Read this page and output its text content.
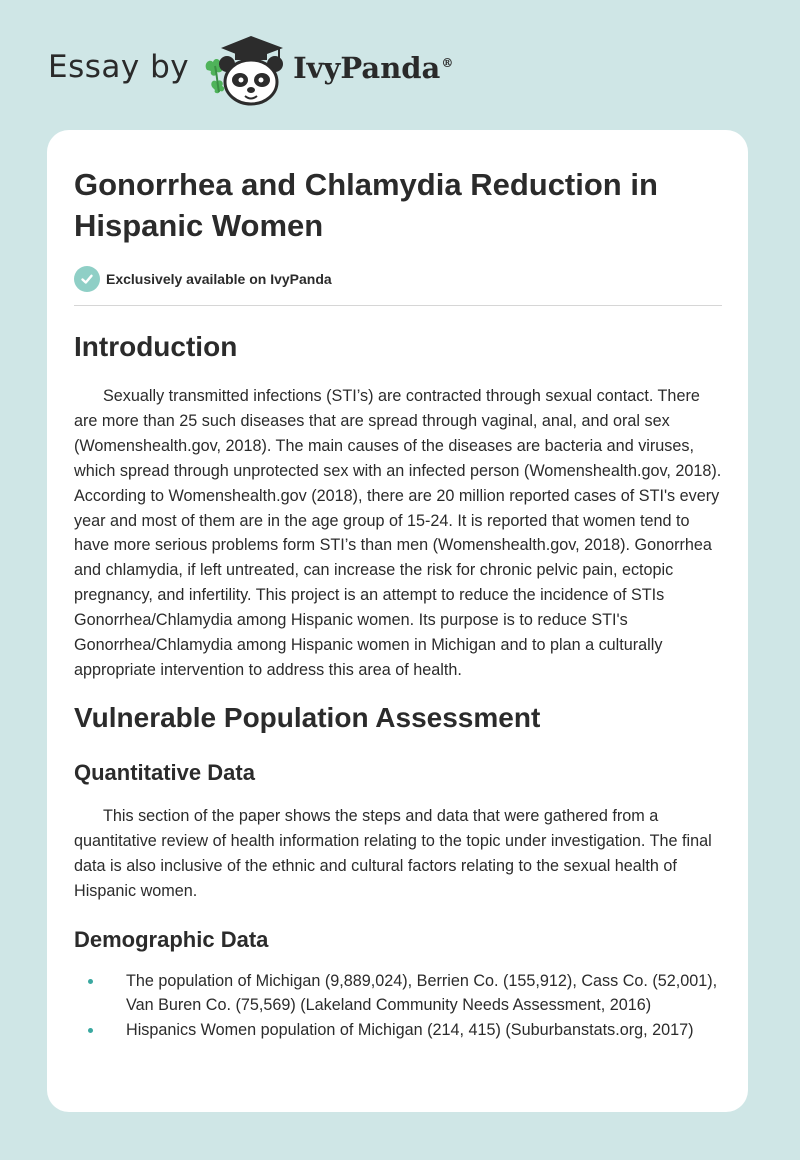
Essay by	IvyPanda®
Gonorrhea and Chlamydia Reduction in Hispanic Women
Exclusively available on IvyPanda
Introduction

Sexually transmitted infections (STI’s) are contracted through sexual contact. There are more than 25 such diseases that are spread through vaginal, anal, and oral sex (Womenshealth.gov, 2018). The main causes of the diseases are bacteria and viruses, which spread through unprotected sex with an infected person (Womenshealth.gov, 2018). According to Womenshealth.gov (2018), there are 20 million reported cases of STI's every year and most of them are in the age group of 15-24. It is reported that women tend to have more serious problems form STI’s than men (Womenshealth.gov, 2018). Gonorrhea and chlamydia, if left untreated, can increase the risk for chronic pelvic pain, ectopic pregnancy, and infertility. This project is an attempt to reduce the incidence of STIs Gonorrhea/Chlamydia among Hispanic women. Its purpose is to reduce STI's Gonorrhea/Chlamydia among Hispanic women in Michigan and to plan a culturally appropriate intervention to address this area of health.

Vulnerable Population Assessment
Quantitative Data

This section of the paper shows the steps and data that were gathered from a quantitative review of health information relating to the topic under investigation. The final data is also inclusive of the ethnic and cultural factors relating to the sexual health of Hispanic women.

Demographic Data
The population of Michigan (9,889,024), Berrien Co. (155,912), Cass Co. (52,001), Van Buren Co. (75,569) (Lakeland Community Needs Assessment, 2016)
Hispanics Women population of Michigan (214, 415) (Suburbanstats.org, 2017)
